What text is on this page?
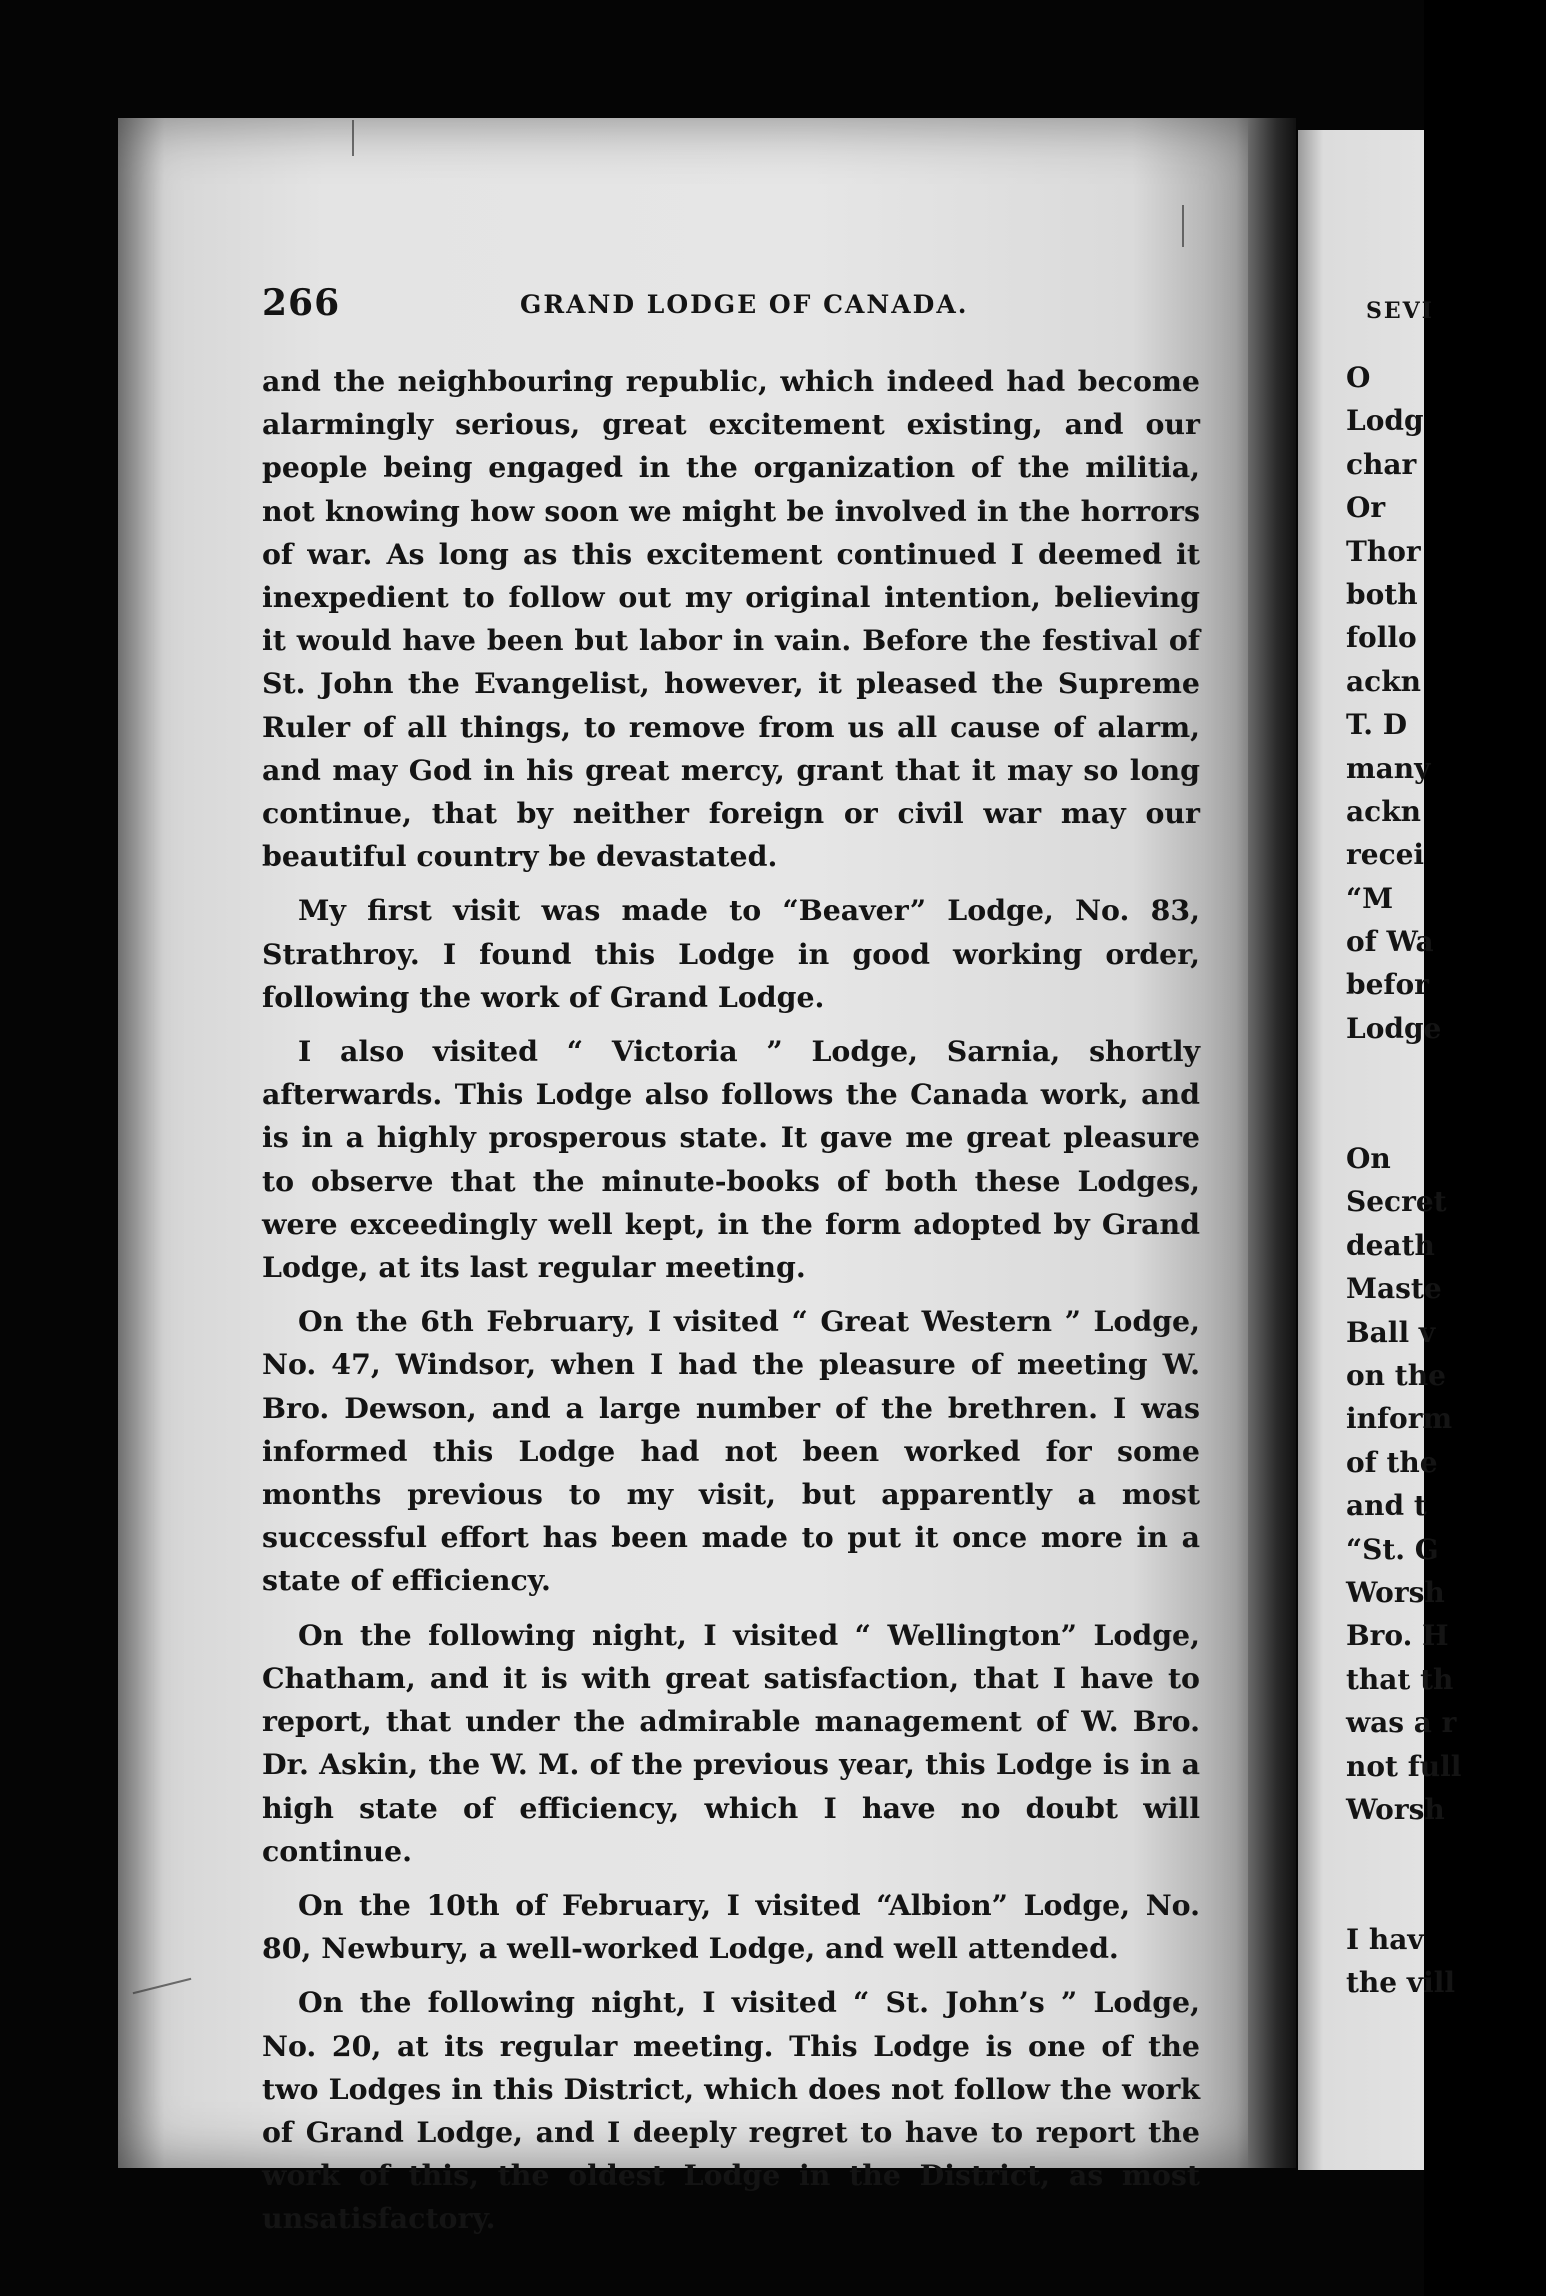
266	GRAND LODGE OF CANADA.

and the neighbouring republic, which indeed had become alarmingly serious, great excitement existing, and our people being engaged in the organization of the militia, not knowing how soon we might be involved in the horrors of war. As long as this excitement continued I deemed it inexpedient to follow out my original intention, believing it would have been but labor in vain. Before the festival of St. John the Evangelist, however, it pleased the Supreme Ruler of all things, to remove from us all cause of alarm, and may God in his great mercy, grant that it may so long continue, that by neither foreign or civil war may our beautiful country be devastated.

My first visit was made to “Beaver” Lodge, No. 83, Strathroy. I found this Lodge in good working order, following the work of Grand Lodge.

I also visited “ Victoria ” Lodge, Sarnia, shortly afterwards. This Lodge also follows the Canada work, and is in a highly prosperous state. It gave me great pleasure to observe that the minute-books of both these Lodges, were exceedingly well kept, in the form adopted by Grand Lodge, at its last regular meeting.

On the 6th February, I visited “ Great Western ” Lodge, No. 47, Windsor, when I had the pleasure of meeting W. Bro. Dewson, and a large number of the brethren. I was informed this Lodge had not been worked for some months previous to my visit, but apparently a most successful effort has been made to put it once more in a state of efficiency.

On the following night, I visited “ Wellington” Lodge, Chatham, and it is with great satisfaction, that I have to report, that under the admirable management of W. Bro. Dr. Askin, the W. M. of the previous year, this Lodge is in a high state of efficiency, which I have no doubt will continue.

On the 10th of February, I visited “Albion” Lodge, No. 80, Newbury, a well-worked Lodge, and well attended.

On the following night, I visited “ St. John’s ” Lodge, No. 20, at its regular meeting. This Lodge is one of the two Lodges in this District, which does not follow the work of Grand Lodge, and I deeply regret to have to report the work of this, the oldest Lodge in the District, as most unsatisfactory.

SEVI
O
Lodg
char
Or
Thor
both
follo
ackn
T. D
many
ackn
recei
“M
of Wa
befor
Lodge
On
Secret
death
Maste
Ball v
on the
inform
of the
and t
“St. G
Worsh
Bro. H
that th
was a r
not full
Worsh
I hav
the vill
